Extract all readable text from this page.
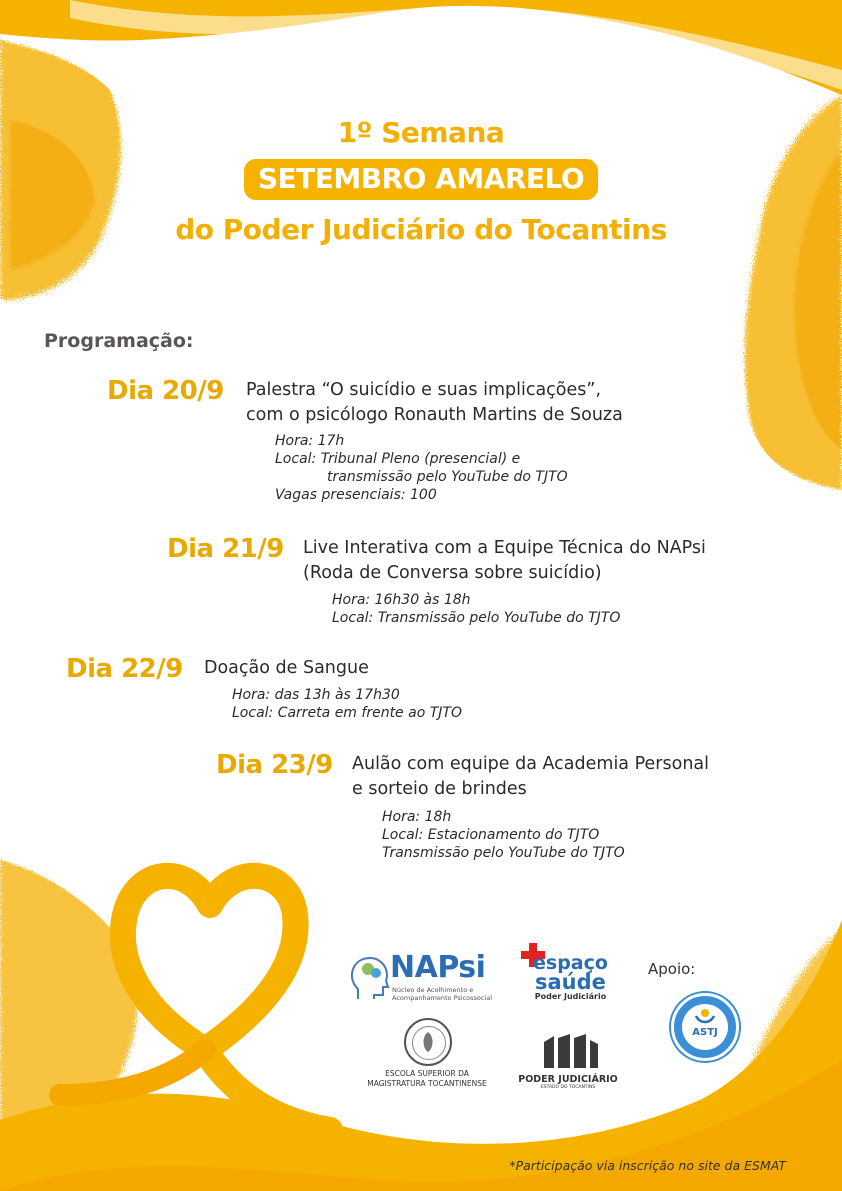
1º Semana
SETEMBRO AMARELO
do Poder Judiciário do Tocantins
Programação:
Dia 20/9 Palestra “O suicídio e suas implicações”,
com o psicólogo Ronauth Martins de Souza
Hora: 17h
Local: Tribunal Pleno (presencial) e
transmissão pelo YouTube do TJTO
Vagas presenciais: 100
Dia 21/9 Live Interativa com a Equipe Técnica do NAPsi
(Roda de Conversa sobre suicídio)
Hora: 16h30 às 18h
Local: Transmissão pelo YouTube do TJTO
Dia 22/9 Doação de Sangue
Hora: das 13h às 17h30
Local: Carreta em frente ao TJTO
Dia 23/9 Aulão com equipe da Academia Personal
e sorteio de brindes
Hora: 18h
Local: Estacionamento do TJTO
Transmissão pelo YouTube do TJTO
NAPsi
Núcleo de Acolhimento e
Acompanhamento Psicossocial
espaço
saúde
Poder Judiciário
Apoio:
ASTJ
ESCOLA SUPERIOR DA
MAGISTRATURA TOCANTINENSE	PODER JUDICIÁRIO
ESTADO DO TOCANTINS
*Participação via inscrição no site da ESMAT
